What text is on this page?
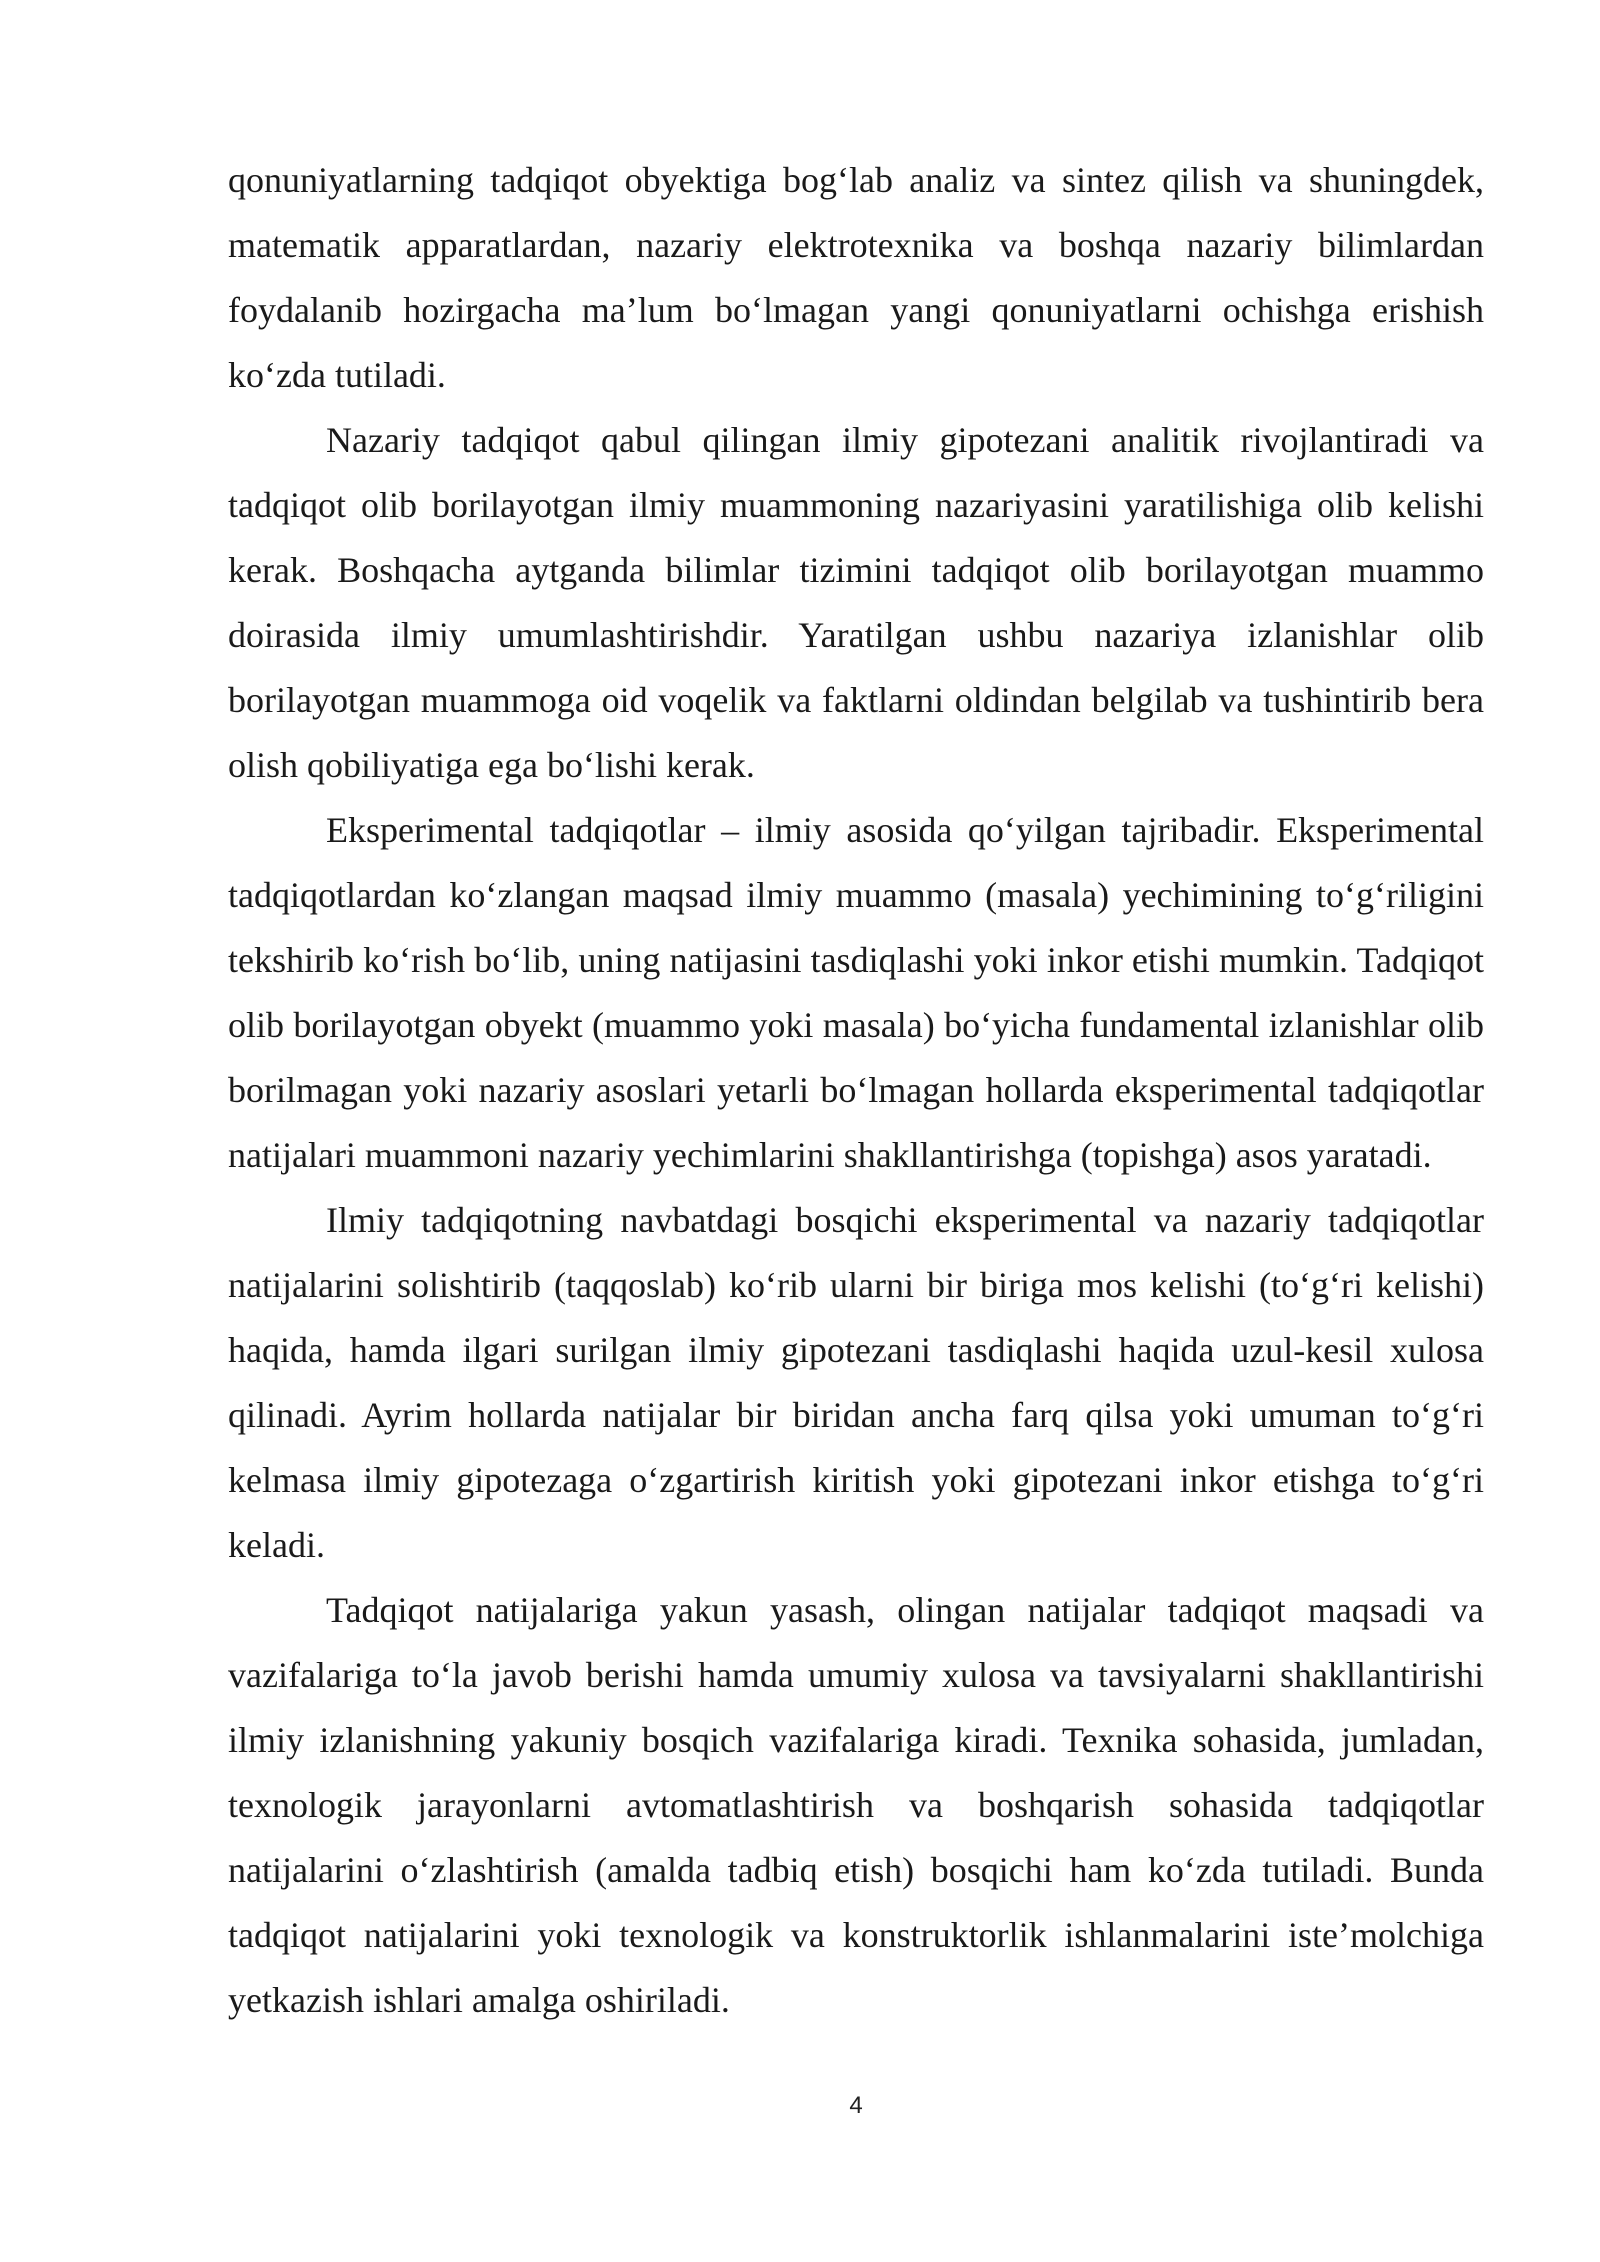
qonuniyatlarning tadqiqot obyektiga bog‘lab analiz va sintez qilish va shuningdek, matematik apparatlardan, nazariy elektrotexnika va boshqa nazariy bilimlardan foydalanib hozirgacha ma’lum bo‘lmagan yangi qonuniyatlarni ochishga erishish ko‘zda tutiladi.

Nazariy tadqiqot qabul qilingan ilmiy gipotezani analitik rivojlantiradi va tadqiqot olib borilayotgan ilmiy muammoning nazariyasini yaratilishiga olib kelishi kerak. Boshqacha aytganda bilimlar tizimini tadqiqot olib borilayotgan muammo doirasida ilmiy umumlashtirishdir. Yaratilgan ushbu nazariya izlanishlar olib borilayotgan muammoga oid voqelik va faktlarni oldindan belgilab va tushintirib bera olish qobiliyatiga ega bo‘lishi kerak.

Eksperimental tadqiqotlar – ilmiy asosida qo‘yilgan tajribadir. Eksperimental tadqiqotlardan ko‘zlangan maqsad ilmiy muammo (masala) yechimining to‘g‘riligini tekshirib ko‘rish bo‘lib, uning natijasini tasdiqlashi yoki inkor etishi mumkin. Tadqiqot olib borilayotgan obyekt (muammo yoki masala) bo‘yicha fundamental izlanishlar olib borilmagan yoki nazariy asoslari yetarli bo‘lmagan hollarda eksperimental tadqiqotlar natijalari muammoni nazariy yechimlarini shakllantirishga (topishga) asos yaratadi.

Ilmiy tadqiqotning navbatdagi bosqichi eksperimental va nazariy tadqiqotlar natijalarini solishtirib (taqqoslab) ko‘rib ularni bir biriga mos kelishi (to‘g‘ri kelishi) haqida, hamda ilgari surilgan ilmiy gipotezani tasdiqlashi haqida uzul-kesil xulosa qilinadi. Ayrim hollarda natijalar bir biridan ancha farq qilsa yoki umuman to‘g‘ri kelmasa ilmiy gipotezaga o‘zgartirish kiritish yoki gipotezani inkor etishga to‘g‘ri keladi.

Tadqiqot natijalariga yakun yasash, olingan natijalar tadqiqot maqsadi va vazifalariga to‘la javob berishi hamda umumiy xulosa va tavsiyalarni shakllantirishi ilmiy izlanishning yakuniy bosqich vazifalariga kiradi. Texnika sohasida, jumladan, texnologik jarayonlarni avtomatlashtirish va boshqarish sohasida tadqiqotlar natijalarini o‘zlashtirish (amalda tadbiq etish) bosqichi ham ko‘zda tutiladi. Bunda tadqiqot natijalarini yoki texnologik va konstruktorlik ishlanmalarini iste’molchiga yetkazish ishlari amalga oshiriladi.

4
